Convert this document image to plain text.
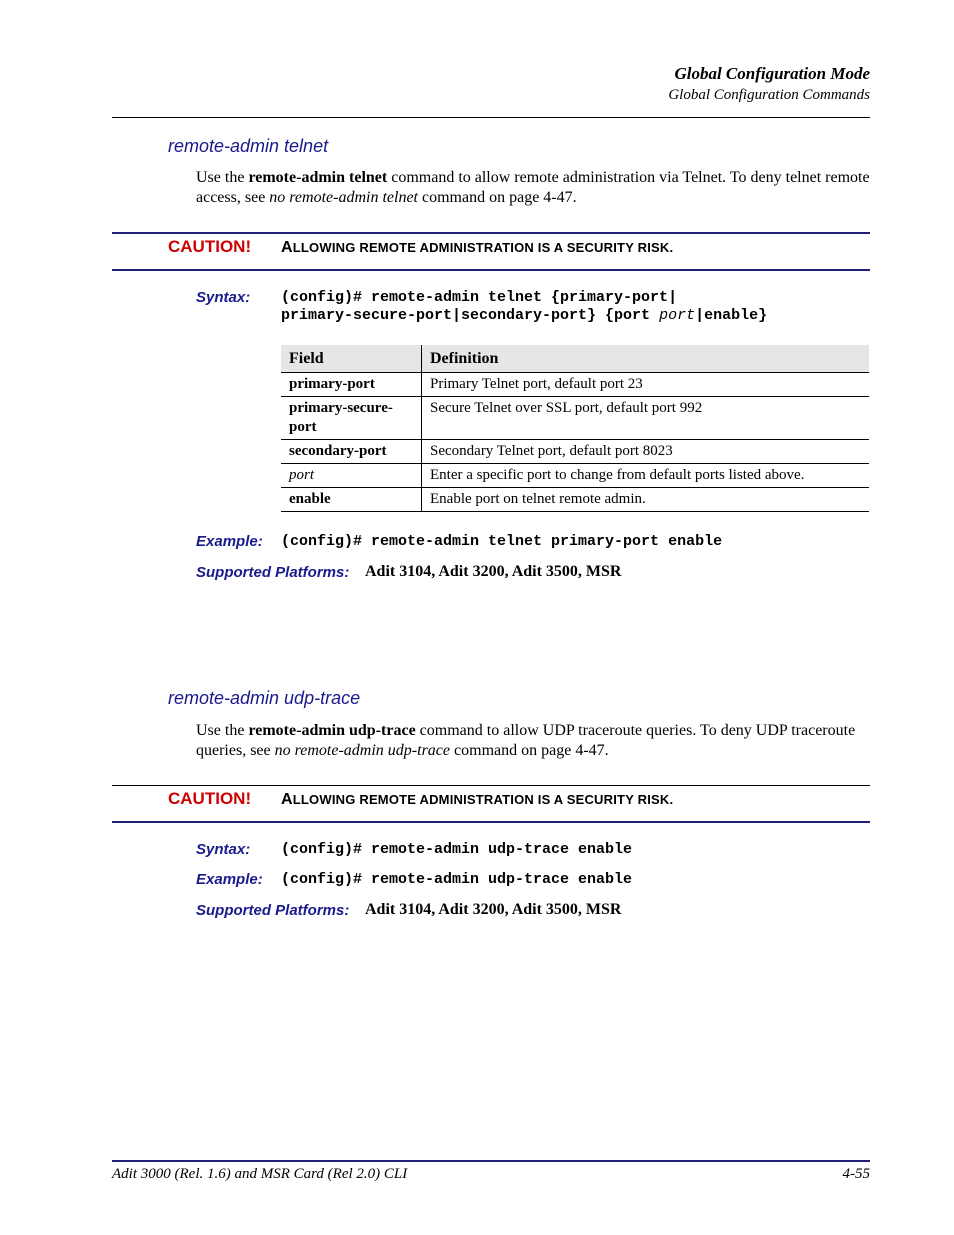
Global Configuration Mode
Global Configuration Commands
remote-admin telnet
Use the remote-admin telnet command to allow remote administration via Telnet. To deny telnet remote access, see no remote-admin telnet command on page 4-47.
CAUTION! ALLOWING REMOTE ADMINISTRATION IS A SECURITY RISK.
Syntax: (config)# remote-admin telnet {primary-port|
primary-secure-port|secondary-port} {port port|enable}
Field	Definition
primary-port	Primary Telnet port, default port 23
primary-secure-
port	Secure Telnet over SSL port, default port 992
secondary-port	Secondary Telnet port, default port 8023
port	Enter a specific port to change from default ports listed above.
enable	Enable port on telnet remote admin.
Example: (config)# remote-admin telnet primary-port enable
Supported Platforms: Adit 3104, Adit 3200, Adit 3500, MSR
remote-admin udp-trace
Use the remote-admin udp-trace command to allow UDP traceroute queries. To deny UDP traceroute queries, see no remote-admin udp-trace command on page 4-47.
CAUTION! ALLOWING REMOTE ADMINISTRATION IS A SECURITY RISK.
Syntax: (config)# remote-admin udp-trace enable
Example: (config)# remote-admin udp-trace enable
Supported Platforms: Adit 3104, Adit 3200, Adit 3500, MSR
Adit 3000 (Rel. 1.6) and MSR Card (Rel 2.0) CLI	4-55
